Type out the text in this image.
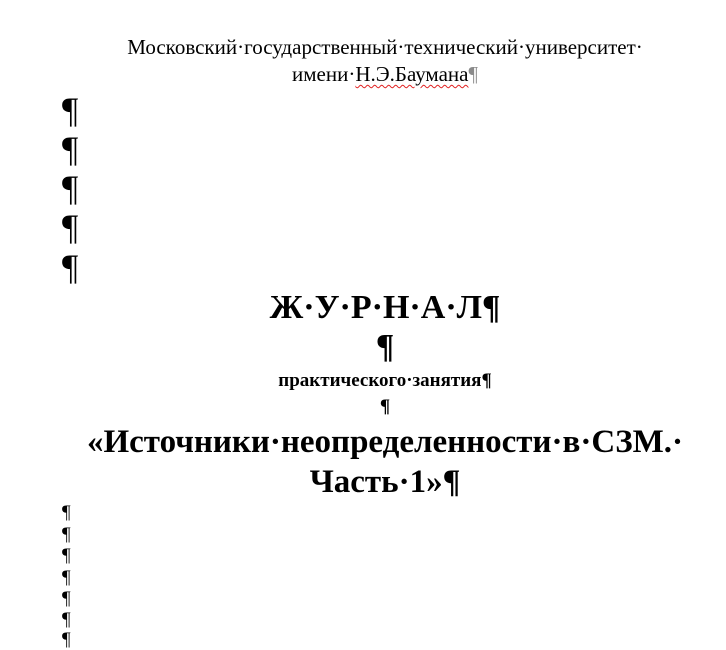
Московский·государственный·технический·университет·
имени·Н.Э.Баумана¶
¶
¶
¶
¶
¶
Ж·У·Р·Н·А·Л¶
¶
практического·занятия¶
¶
«Источники·неопределенности·в·СЗМ.·
Часть·1»¶
¶
¶
¶
¶
¶
¶
¶
